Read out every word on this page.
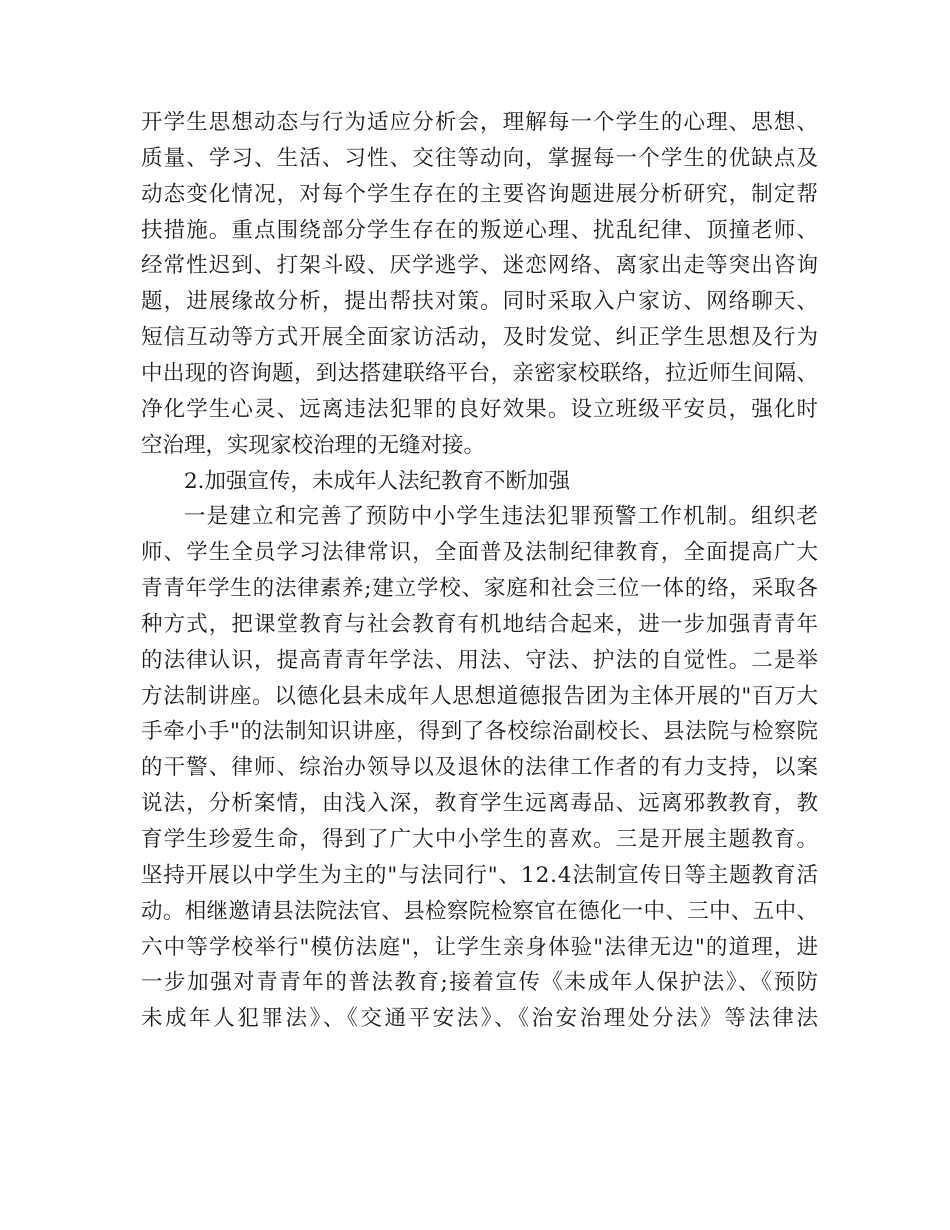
开学生思想动态与行为适应分析会，理解每一个学生的心理、思想、
质量、学习、生活、习性、交往等动向，掌握每一个学生的优缺点及
动态变化情况，对每个学生存在的主要咨询题进展分析研究，制定帮
扶措施。重点围绕部分学生存在的叛逆心理、扰乱纪律、顶撞老师、
经常性迟到、打架斗殴、厌学逃学、迷恋网络、离家出走等突出咨询
题，进展缘故分析，提出帮扶对策。同时采取入户家访、网络聊天、
短信互动等方式开展全面家访活动，及时发觉、纠正学生思想及行为
中出现的咨询题，到达搭建联络平台，亲密家校联络，拉近师生间隔、
净化学生心灵、远离违法犯罪的良好效果。设立班级平安员，强化时
空治理，实现家校治理的无缝对接。
2.加强宣传，未成年人法纪教育不断加强
一是建立和完善了预防中小学生违法犯罪预警工作机制。组织老
师、学生全员学习法律常识，全面普及法制纪律教育，全面提高广大
青青年学生的法律素养;建立学校、家庭和社会三位一体的络，采取各
种方式，把课堂教育与社会教育有机地结合起来，进一步加强青青年
的法律认识，提高青青年学法、用法、守法、护法的自觉性。二是举
方法制讲座。以德化县未成年人思想道德报告团为主体开展的"百万大
手牵小手"的法制知识讲座，得到了各校综治副校长、县法院与检察院
的干警、律师、综治办领导以及退休的法律工作者的有力支持，以案
说法，分析案情，由浅入深，教育学生远离毒品、远离邪教教育，教
育学生珍爱生命，得到了广大中小学生的喜欢。三是开展主题教育。
坚持开展以中学生为主的"与法同行"、12.4法制宣传日等主题教育活
动。相继邀请县法院法官、县检察院检察官在德化一中、三中、五中、
六中等学校举行"模仿法庭"，让学生亲身体验"法律无边"的道理，进
一步加强对青青年的普法教育;接着宣传《未成年人保护法》、《预防
未成年人犯罪法》、《交通平安法》、《治安治理处分法》等法律法
